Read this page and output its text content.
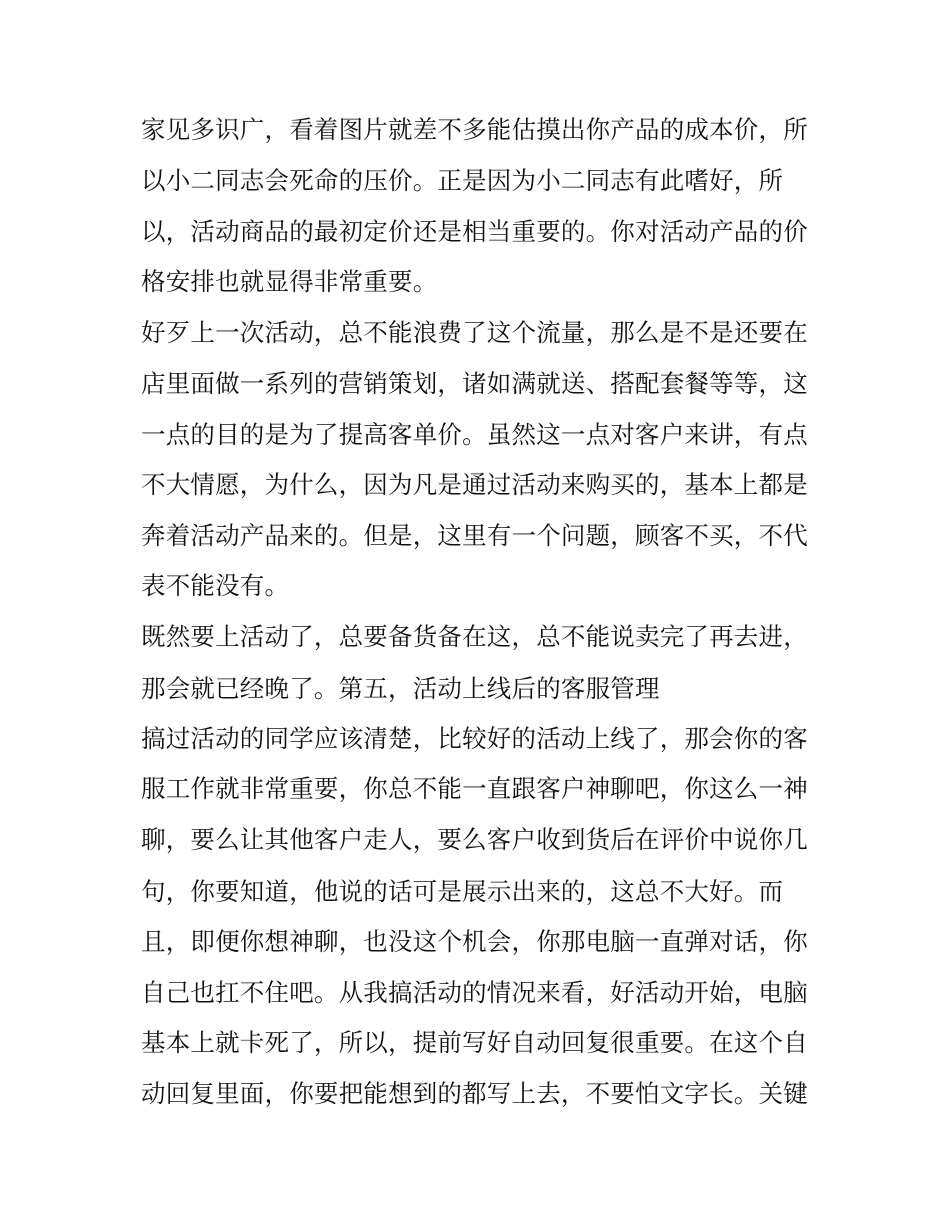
家见多识广，看着图片就差不多能估摸出你产品的成本价，所
以小二同志会死命的压价。正是因为小二同志有此嗜好，所
以，活动商品的最初定价还是相当重要的。你对活动产品的价
格安排也就显得非常重要。
好歹上一次活动，总不能浪费了这个流量，那么是不是还要在
店里面做一系列的营销策划，诸如满就送、搭配套餐等等，这
一点的目的是为了提高客单价。虽然这一点对客户来讲，有点
不大情愿，为什么，因为凡是通过活动来购买的，基本上都是
奔着活动产品来的。但是，这里有一个问题，顾客不买，不代
表不能没有。
既然要上活动了，总要备货备在这，总不能说卖完了再去进，
那会就已经晚了。第五，活动上线后的客服管理
搞过活动的同学应该清楚，比较好的活动上线了，那会你的客
服工作就非常重要，你总不能一直跟客户神聊吧，你这么一神
聊，要么让其他客户走人，要么客户收到货后在评价中说你几
句，你要知道，他说的话可是展示出来的，这总不大好。而
且，即便你想神聊，也没这个机会，你那电脑一直弹对话，你
自己也扛不住吧。从我搞活动的情况来看，好活动开始，电脑
基本上就卡死了，所以，提前写好自动回复很重要。在这个自
动回复里面，你要把能想到的都写上去，不要怕文字长。关键
